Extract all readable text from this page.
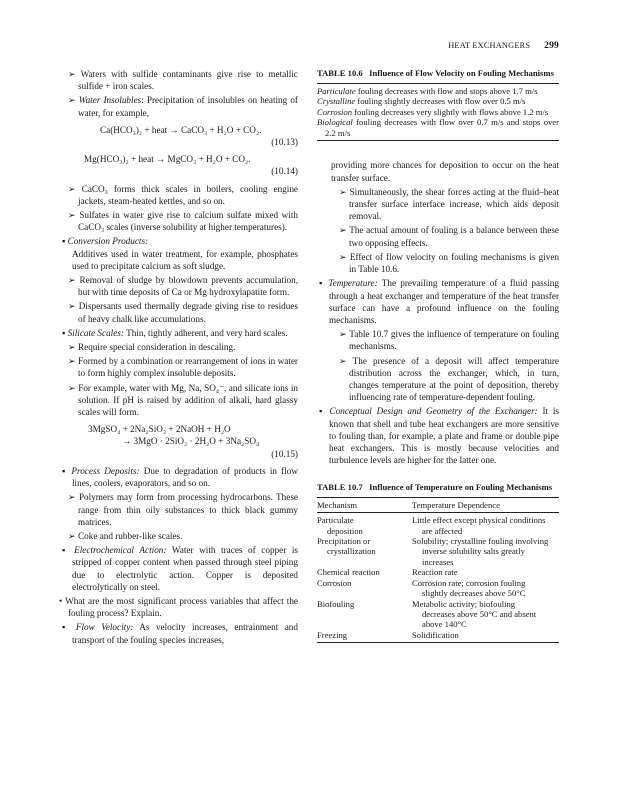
HEAT EXCHANGERS 299

➢ Waters with sulfide contaminants give rise to metallic sulfide + iron scales.

➢ Water Insolubles: Precipitation of insolubles on heating of water, for example,

Ca(HCO₃)₂ + heat → CaCO₃ + H₂O + CO₂.
(10.13)
Mg(HCO₃)₂ + heat → MgCO₃ + H₂O + CO₂.
(10.14)

➢ CaCO₃ forms thick scales in boilers, cooling engine jackets, steam-heated kettles, and so on.

➢ Sulfates in water give rise to calcium sulfate mixed with CaCO₃ scales (inverse solubility at higher temperatures).

▪ Conversion Products:
Additives used in water treatment, for example, phosphates used to precipitate calcium as soft sludge.

➢ Removal of sludge by blowdown prevents accumulation, but with time deposits of Ca or Mg hydroxylapatite form.

➢ Dispersants used thermally degrade giving rise to residues of heavy chalk like accumulations.

▪ Silicate Scales: Thin, tightly adherent, and very hard scales.

➢ Require special consideration in descaling.

➢ Formed by a combination or rearrangement of ions in water to form highly complex insoluble deposits.

➢ For example, water with Mg, Na, SO₄⁻, and silicate ions in solution. If pH is raised by addition of alkali, hard glassy scales will form.

3MgSO₄ + 2Na₂SiO₃ + 2NaOH + H₂O
→ 3MgO · 2SiO₂ · 2H₂O + 3Na₂SO₄
(10.15)

▪ Process Deposits: Due to degradation of products in flow lines, coolers, evaporators, and so on.

➢ Polymers may form from processing hydrocarbons. These range from thin oily substances to thick black gummy matrices.

➢ Coke and rubber-like scales.

▪ Electrochemical Action: Water with traces of copper is stripped of copper content when passed through steel piping due to electrolytic action. Copper is deposited electrolytically on steel.

• What are the most significant process variables that affect the fouling process? Explain.

▪ Flow Velocity: As velocity increases, entrainment and transport of the fouling species increases,

TABLE 10.6 Influence of Flow Velocity on Fouling Mechanisms

Particulate fouling decreases with flow and stops above 1.7 m/s

Crystalline fouling slightly decreases with flow over 0.5 m/s

Corrosion fouling decreases very slightly with flows above 1.2 m/s

Biological fouling decreases with flow over 0.7 m/s and stops over 2.2 m/s

providing more chances for deposition to occur on the heat transfer surface.

➢ Simultaneously, the shear forces acting at the fluid–heat transfer surface interface increase, which aids deposit removal.

➢ The actual amount of fouling is a balance between these two opposing effects.

➢ Effect of flow velocity on fouling mechanisms is given in Table 10.6.

▪ Temperature: The prevailing temperature of a fluid passing through a heat exchanger and temperature of the heat transfer surface can have a profound influence on the fouling mechanisms.

➢ Table 10.7 gives the influence of temperature on fouling mechanisms.

➢ The presence of a deposit will affect temperature distribution across the exchanger, which, in turn, changes temperature at the point of deposition, thereby influencing rate of temperature-dependent fouling.

▪ Conceptual Design and Geometry of the Exchanger: It is known that shell and tube heat exchangers are more sensitive to fouling than, for example, a plate and frame or double pipe heat exchangers. This is mostly because velocities and turbulence levels are higher for the latter one.

TABLE 10.7 Influence of Temperature on Fouling Mechanisms
Mechanism	Temperature Dependence
Particulate
deposition	Little effect except physical conditions
are affected
Precipitation or
crystallization	Solubility; crystalline fouling involving
inverse solubility salts greatly
increases
Chemical reaction	Reaction rate
Corrosion	Corrosion rate; corrosion fouling
slightly decreases above 50°C
Biofouling	Metabolic activity; biofouling
decreases above 50°C and absent
above 140°C
Freezing	Solidification
